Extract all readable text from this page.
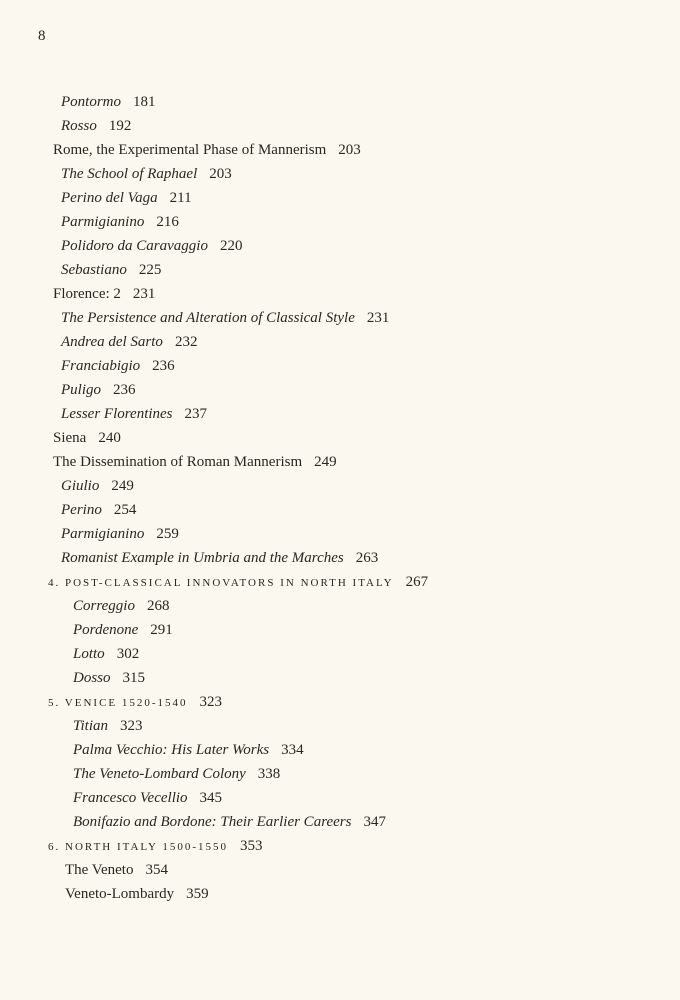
8
Pontormo 181
Rosso 192
Rome, the Experimental Phase of Mannerism 203
The School of Raphael 203
Perino del Vaga 211
Parmigianino 216
Polidoro da Caravaggio 220
Sebastiano 225
Florence: 2 231
The Persistence and Alteration of Classical Style 231
Andrea del Sarto 232
Franciabigio 236
Puligo 236
Lesser Florentines 237
Siena 240
The Dissemination of Roman Mannerism 249
Giulio 249
Perino 254
Parmigianino 259
Romanist Example in Umbria and the Marches 263
4. POST-CLASSICAL INNOVATORS IN NORTH ITALY 267
Correggio 268
Pordenone 291
Lotto 302
Dosso 315
5. VENICE 1520-1540 323
Titian 323
Palma Vecchio: His Later Works 334
The Veneto-Lombard Colony 338
Francesco Vecellio 345
Bonifazio and Bordone: Their Earlier Careers 347
6. NORTH ITALY 1500-1550 353
The Veneto 354
Veneto-Lombardy 359
